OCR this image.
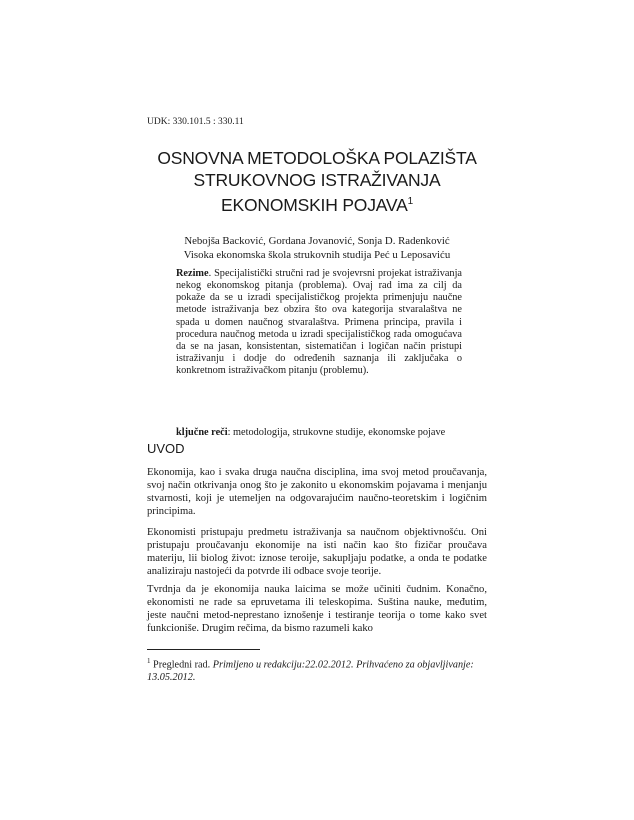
UDK: 330.101.5 : 330.11
OSNOVNA METODOLOŠKA POLAZIŠTA
STRUKOVNOG ISTRAŽIVANJA
EKONOMSKIH POJAVA$^1$
Nebojša Backović, Gordana Jovanović, Sonja D. Radenković
Visoka ekonomska škola strukovnih studija Peć u Leposaviću
Rezime. Specijalistički stručni rad je svojevrsni projekat istraživanja nekog ekonomskog pitanja (problema). Ovaj rad ima za cilj da pokaže da se u izradi specijalističkog projekta primenjuju naučne metode istraživanja bez obzira što ova kategorija stvaralaštva ne spada u domen naučnog stvaralaštva. Primena principa, pravila i procedura naučnog metoda u izradi specijalističkog rada omogućava da se na jasan, konsistentan, sistematičan i logičan način pristupi istraživanju i dodje do određenih saznanja ili zaključaka o konkretnom istraživačkom pitanju (problemu).
ključne reči: metodologija, strukovne studije, ekonomske pojave
UVOD

Ekonomija, kao i svaka druga naučna disciplina, ima svoj metod proučavanja, svoj način otkrivanja onog što je zakonito u ekonomskim pojavama i menjanju stvarnosti, koji je utemeljen na odgovarajućim naučno-teoretskim i logičnim principima.

Ekonomisti pristupaju predmetu istraživanja sa naučnom objektivnošću. Oni pristupaju proučavanju ekonomije na isti način kao što fizičar proučava materiju, lii biolog život: iznose teroije, sakupljaju podatke, a onda te podatke analiziraju nastojeći da potvrde ili odbace svoje teorije.

Tvrdnja da je ekonomija nauka laicima se može učiniti čudnim. Konačno, ekonomisti ne rade sa epruvetama ili teleskopima. Suština nauke, međutim, jeste naučni metod-neprestano iznošenje i testiranje teorija o tome kako svet funkcioniše. Drugim rečima, da bismo razumeli kako

$^1$ Pregledni rad. Primljeno u redakciju:22.02.2012. Prihvaćeno za objavljivanje: 13.05.2012.
